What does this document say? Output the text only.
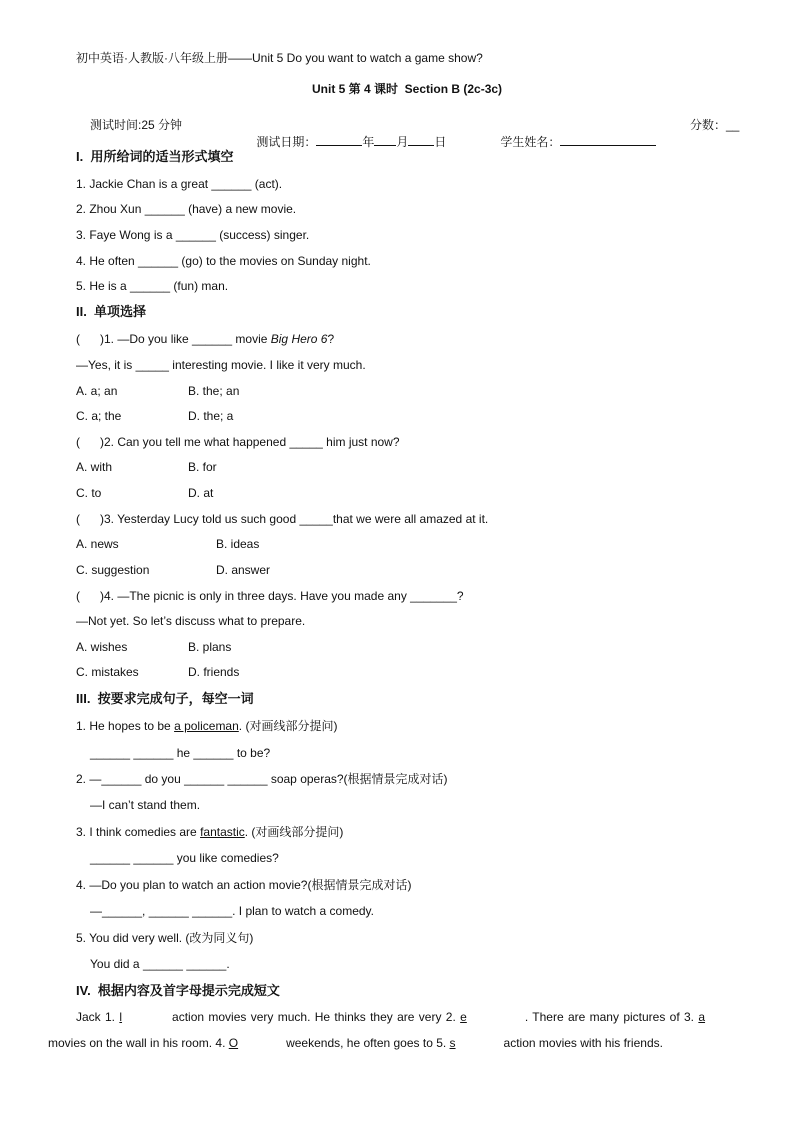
初中英语·人教版·八年级上册——Unit 5 Do you want to watch a game show?
Unit 5 第 4 课时  Section B (2c-3c)
测试时间:25 分钟

测试日期：	年 月 日
	学生姓名：

分数：__
I.  用所给词的适当形式填空
1. Jackie Chan is a great ______ (act).
2. Zhou Xun ______ (have) a new movie.
3. Faye Wong is a ______ (success) singer.
4. He often ______ (go) to the movies on Sunday night.
5. He is a ______ (fun) man.
II.  单项选择
(      )1. —Do you like ______ movie Big Hero 6?
—Yes, it is _____ interesting movie. I like it very much.
A. a; an	B. the; an
C. a; the	D. the; a
(      )2. Can you tell me what happened _____ him just now?
A. with	B. for
C. to	D. at
(      )3. Yesterday Lucy told us such good _____that we were all amazed at it.
A. news	B. ideas
C. suggestion	D. answer
(      )4. —The picnic is only in three days. Have you made any _______?
—Not yet. So let’s discuss what to prepare.
A. wishes	B. plans
C. mistakes	D. friends
III.  按要求完成句子，每空一词
1. He hopes to be a policeman. (对画线部分提问)
______ ______ he ______ to be?
2. —______ do you ______ ______ soap operas?(根据情景完成对话)
—I can’t stand them.
3. I think comedies are fantastic. (对画线部分提问)
______ ______ you like comedies?
4. —Do you plan to watch an action movie?(根据情景完成对话)
—______, ______ ______. I plan to watch a comedy.
5. You did very well. (改为同义句)
You did a ______ ______.
IV.  根据内容及首字母提示完成短文
Jack 1. l	action movies very much. He thinks they are very 2. e	. There are many pictures of 3. a
movies on the wall in his room. 4. O	weekends, he often goes to 5. s	action movies with his friends.
